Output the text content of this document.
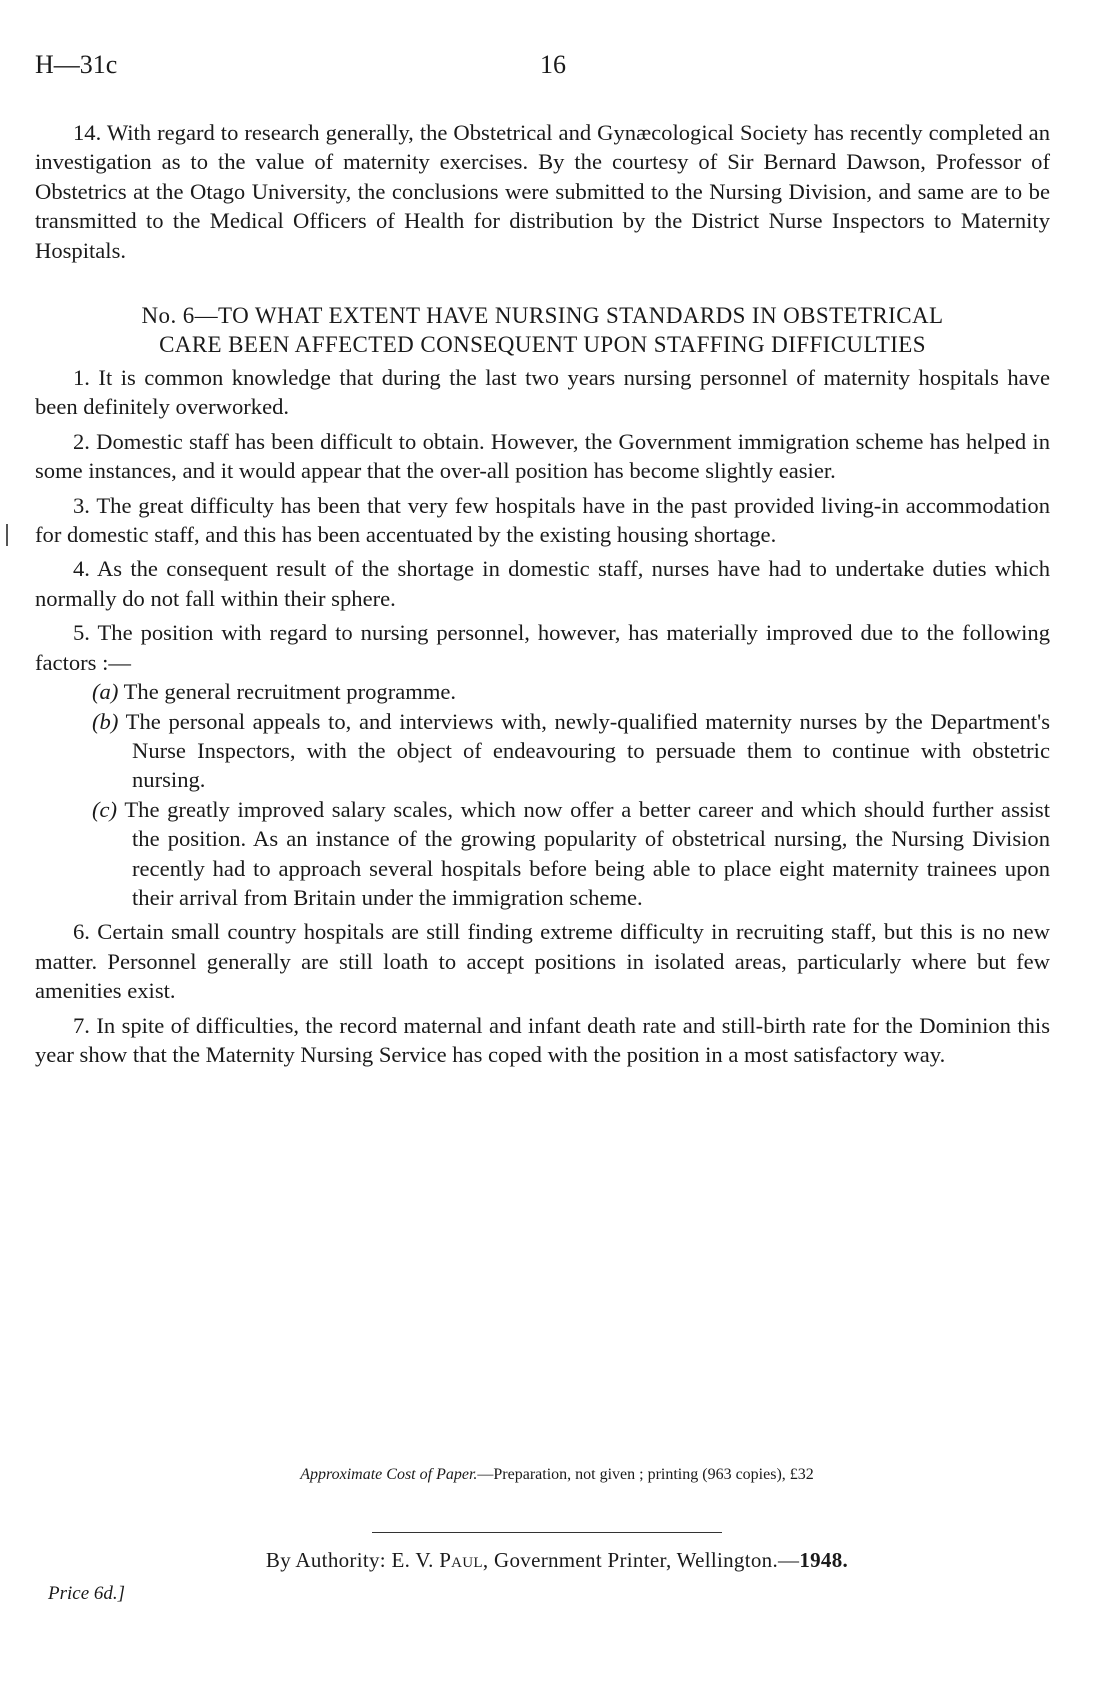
H—31c	16

14. With regard to research generally, the Obstetrical and Gynæcological Society has recently completed an investigation as to the value of maternity exercises. By the courtesy of Sir Bernard Dawson, Professor of Obstetrics at the Otago University, the conclusions were submitted to the Nursing Division, and same are to be transmitted to the Medical Officers of Health for distribution by the District Nurse Inspectors to Maternity Hospitals.

No. 6—TO WHAT EXTENT HAVE NURSING STANDARDS IN OBSTETRICAL
CARE BEEN AFFECTED CONSEQUENT UPON STAFFING DIFFICULTIES

1. It is common knowledge that during the last two years nursing personnel of maternity hospitals have been definitely overworked.

2. Domestic staff has been difficult to obtain. However, the Government immigration scheme has helped in some instances, and it would appear that the over-all position has become slightly easier.

3. The great difficulty has been that very few hospitals have in the past provided living-in accommodation for domestic staff, and this has been accentuated by the existing housing shortage.

4. As the consequent result of the shortage in domestic staff, nurses have had to undertake duties which normally do not fall within their sphere.

5. The position with regard to nursing personnel, however, has materially improved due to the following factors :—

(a) The general recruitment programme.

(b) The personal appeals to, and interviews with, newly-qualified maternity nurses by the Department's Nurse Inspectors, with the object of endeavouring to persuade them to continue with obstetric nursing.

(c) The greatly improved salary scales, which now offer a better career and which should further assist the position. As an instance of the growing popularity of obstetrical nursing, the Nursing Division recently had to approach several hospitals before being able to place eight maternity trainees upon their arrival from Britain under the immigration scheme.

6. Certain small country hospitals are still finding extreme difficulty in recruiting staff, but this is no new matter. Personnel generally are still loath to accept positions in isolated areas, particularly where but few amenities exist.

7. In spite of difficulties, the record maternal and infant death rate and still-birth rate for the Dominion this year show that the Maternity Nursing Service has coped with the position in a most satisfactory way.

Approximate Cost of Paper.—Preparation, not given ; printing (963 copies), £32
By Authority: E. V. Paul, Government Printer, Wellington.—1948.
Price 6d.]
